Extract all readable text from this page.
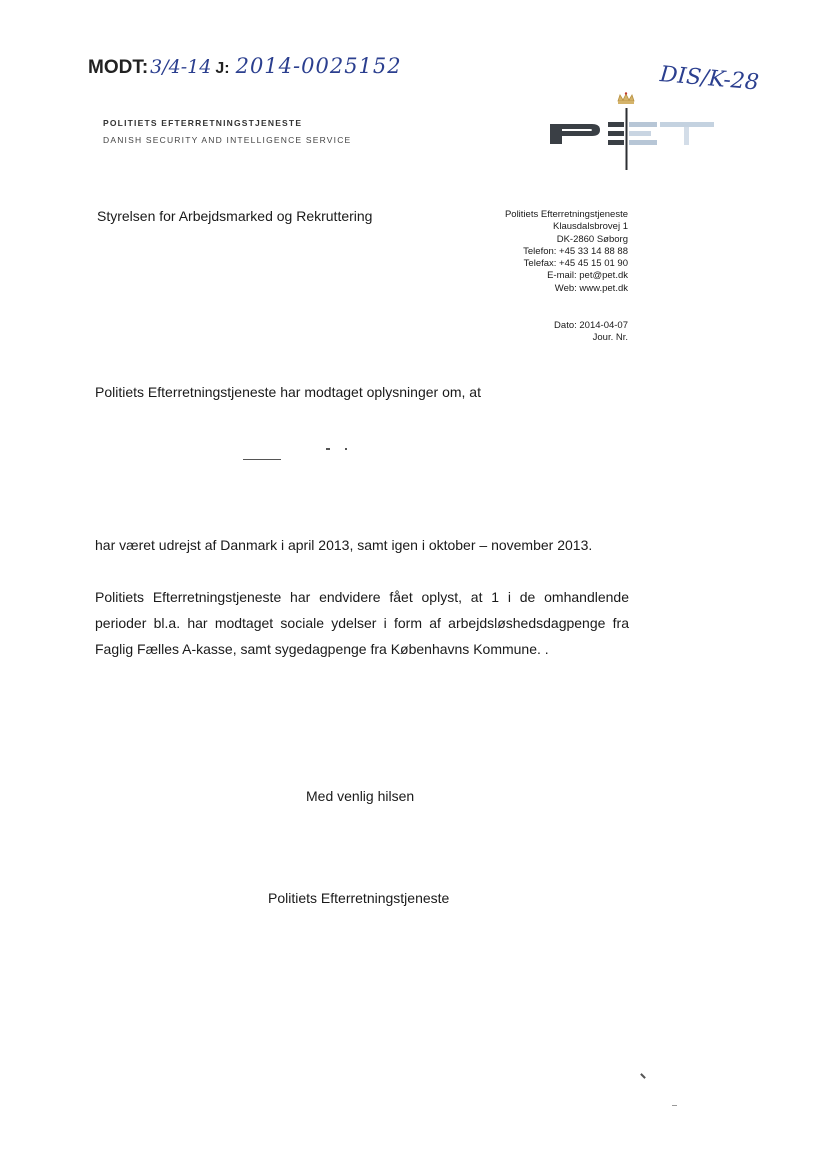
MODT: 3/4-14 J: 2014-0025152	DIS/K-28
POLITIETS EFTERRETNINGSTJENESTE
DANISH SECURITY AND INTELLIGENCE SERVICE
Styrelsen for Arbejdsmarked og Rekruttering	Politiets Efterretningstjeneste
Klausdalsbrovej 1
DK-2860 Søborg
Telefon: +45 33 14 88 88
Telefax: +45 45 15 01 90
E-mail: pet@pet.dk
Web: www.pet.dk
Dato: 2014-04-07
Jour. Nr.
Politiets Efterretningstjeneste har modtaget oplysninger om, at
har været udrejst af Danmark i april 2013, samt igen i oktober – november 2013.
Politiets Efterretningstjeneste har endvidere fået oplyst, at 1 i de omhandlende
perioder bl.a. har modtaget sociale ydelser i form af arbejdsløshedsdagpenge fra
Faglig Fælles A-kasse, samt sygedagpenge fra Københavns Kommune. .
Med venlig hilsen
Politiets Efterretningstjeneste
